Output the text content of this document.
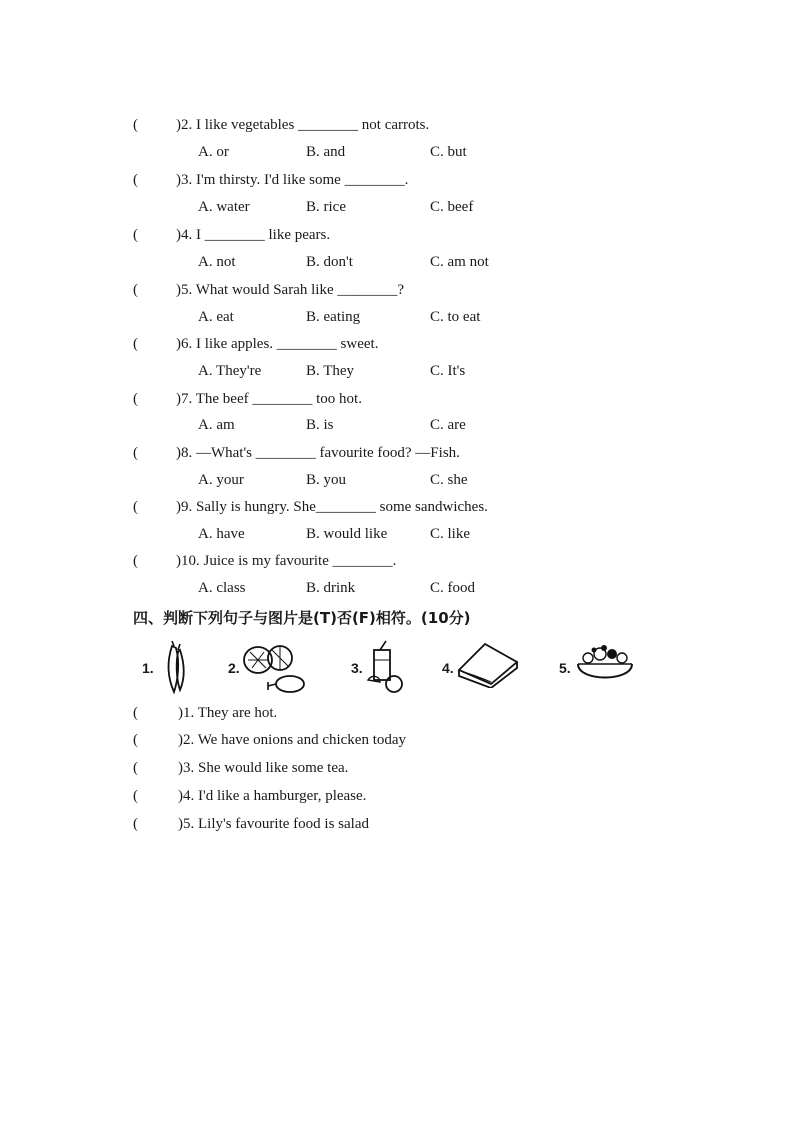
(	)2. I like vegetables ________ not carrots.
A. or	B. and	C. but
(	)3. I'm thirsty. I'd like some ________.
A. water	B. rice	C. beef
(	)4. I ________ like pears.
A. not	B. don't	C. am not
(	)5. What would Sarah like ________?
A. eat	B. eating	C. to eat
(	)6. I like apples. ________ sweet.
A. They're	B. They	C. It's
(	)7. The beef ________ too hot.
A. am	B. is	C. are
(	)8. —What's ________ favourite food? —Fish.
A. your	B. you	C. she
(	)9. Sally is hungry. She________ some sandwiches.
A. have	B. would like	C. like
(	)10. Juice is my favourite ________.
A. class	B. drink	C. food
四、判断下列句子与图片是(T)否(F)相符。(10分)
1.	2.	3.	4.	5.
(	)1. They are hot.
(	)2. We have onions and chicken today
(	)3. She would like some tea.
(	)4. I'd like a hamburger, please.
(	)5. Lily's favourite food is salad
